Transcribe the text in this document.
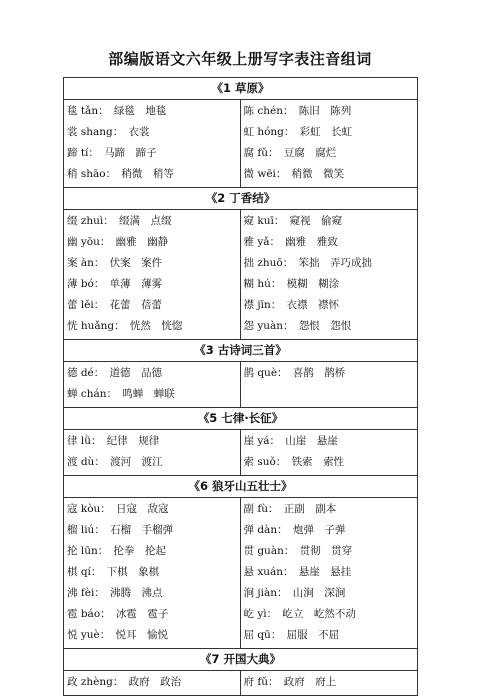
部编版语文六年级上册写字表注音组词
《1 草原》
毯 tǎn：  绿毯  地毯
裳 shang：  衣裳
蹄 tí：  马蹄  蹄子
稍 shāo：  稍微  稍等
陈 chén：  陈旧  陈列
虹 hóng：  彩虹  长虹
腐 fǔ：  豆腐  腐烂
微 wēi：  稍微  微笑
《2 丁香结》
缀 zhuì：  缀满  点缀
幽 yōu：  幽雅  幽静
案 àn：  伏案  案件
薄 bó：  单薄  薄雾
蕾 lěi：  花蕾  蓓蕾
恍 huǎng：  恍然  恍惚
窥 kuī：  窥视  偷窥
雅 yǎ：  幽雅  雅致
拙 zhuō：  笨拙  弄巧成拙
糊 hú：  模糊  糊涂
襟 jīn：  衣襟  襟怀
怨 yuàn：  怨恨  怨恨
《3 古诗词三首》
德 dé：  道德  品德
蝉 chán：  鸣蝉  蝉联
鹊 què：  喜鹊  鹊桥
《5 七律·长征》
律 lǜ：  纪律  规律
渡 dù：  渡河  渡江
崖 yá：  山崖  悬崖
索 suǒ：  铁索  索性
《6 狼牙山五壮士》
寇 kòu：  日寇  敌寇
榴 liú：  石榴  手榴弹
抡 lūn：  抡拳  抡起
棋 qí：  下棋  象棋
沸 fèi：  沸腾  沸点
雹 báo：  冰雹  雹子
悦 yuè：  悦耳  愉悦
副 fù：  正副  副本
弹 dàn：  炮弹  子弹
贯 guàn：  贯彻  贯穿
悬 xuán：  悬崖  悬挂
涧 jiàn：  山涧  深涧
屹 yì：  屹立  屹然不动
屈 qū：  屈服  不屈
《7 开国大典》
政 zhèng：  政府  政治	府 fǔ：  政府  府上
